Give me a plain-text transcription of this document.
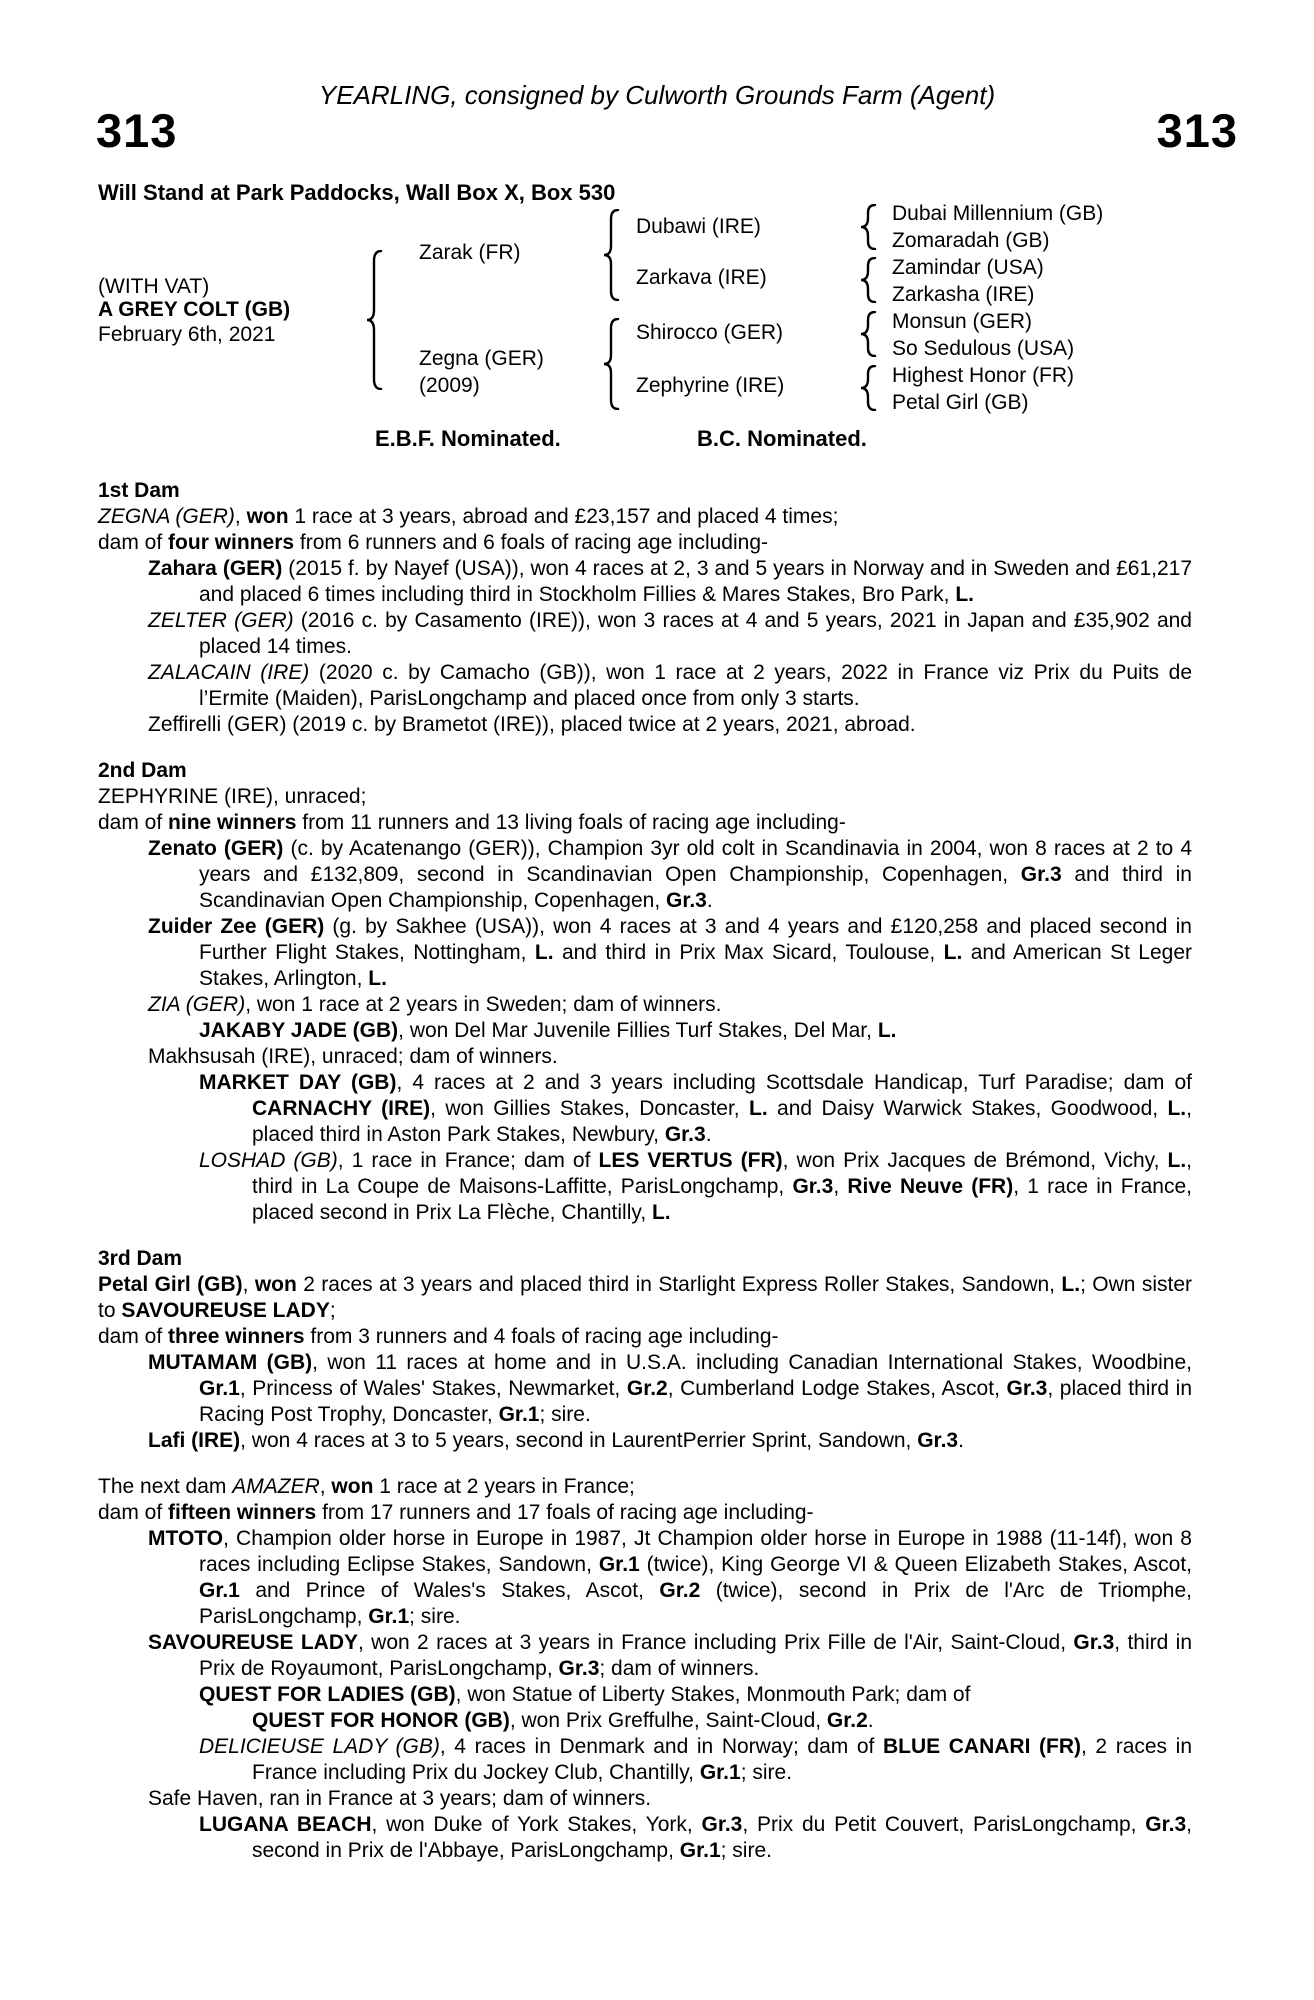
YEARLING, consigned by Culworth Grounds Farm (Agent)
313	313
Will Stand at Park Paddocks, Wall Box X, Box 530
(WITH VAT)
A GREY COLT (GB)
February 6th, 2021
Zarak (FR)
Zegna (GER)
(2009)
Dubawi (IRE)
Zarkava (IRE)
Shirocco (GER)
Zephyrine (IRE)
Dubai Millennium (GB)
Zomaradah (GB)
Zamindar (USA)
Zarkasha (IRE)
Monsun (GER)
So Sedulous (USA)
Highest Honor (FR)
Petal Girl (GB)
E.B.F. Nominated.	B.C. Nominated.

1st Dam

ZEGNA (GER), won 1 race at 3 years, abroad and £23,157 and placed 4 times;

dam of four winners from 6 runners and 6 foals of racing age including-

Zahara (GER) (2015 f. by Nayef (USA)), won 4 races at 2, 3 and 5 years in Norway and in Sweden and £61,217 and placed 6 times including third in Stockholm Fillies & Mares Stakes, Bro Park, L.

ZELTER (GER) (2016 c. by Casamento (IRE)), won 3 races at 4 and 5 years, 2021 in Japan and £35,902 and placed 14 times.

ZALACAIN (IRE) (2020 c. by Camacho (GB)), won 1 race at 2 years, 2022 in France viz Prix du Puits de l’Ermite (Maiden), ParisLongchamp and placed once from only 3 starts.

Zeffirelli (GER) (2019 c. by Brametot (IRE)), placed twice at 2 years, 2021, abroad.

2nd Dam

ZEPHYRINE (IRE), unraced;

dam of nine winners from 11 runners and 13 living foals of racing age including-

Zenato (GER) (c. by Acatenango (GER)), Champion 3yr old colt in Scandinavia in 2004, won 8 races at 2 to 4 years and £132,809, second in Scandinavian Open Championship, Copenhagen, Gr.3 and third in Scandinavian Open Championship, Copenhagen, Gr.3.

Zuider Zee (GER) (g. by Sakhee (USA)), won 4 races at 3 and 4 years and £120,258 and placed second in Further Flight Stakes, Nottingham, L. and third in Prix Max Sicard, Toulouse, L. and American St Leger Stakes, Arlington, L.

ZIA (GER), won 1 race at 2 years in Sweden; dam of winners.

JAKABY JADE (GB), won Del Mar Juvenile Fillies Turf Stakes, Del Mar, L.

Makhsusah (IRE), unraced; dam of winners.

MARKET DAY (GB), 4 races at 2 and 3 years including Scottsdale Handicap, Turf Paradise; dam of CARNACHY (IRE), won Gillies Stakes, Doncaster, L. and Daisy Warwick Stakes, Goodwood, L., placed third in Aston Park Stakes, Newbury, Gr.3.

LOSHAD (GB), 1 race in France; dam of LES VERTUS (FR), won Prix Jacques de Brémond, Vichy, L., third in La Coupe de Maisons-Laffitte, ParisLongchamp, Gr.3, Rive Neuve (FR), 1 race in France, placed second in Prix La Flèche, Chantilly, L.

3rd Dam

Petal Girl (GB), won 2 races at 3 years and placed third in Starlight Express Roller Stakes, Sandown, L.; Own sister to SAVOUREUSE LADY;

dam of three winners from 3 runners and 4 foals of racing age including-

MUTAMAM (GB), won 11 races at home and in U.S.A. including Canadian International Stakes, Woodbine, Gr.1, Princess of Wales' Stakes, Newmarket, Gr.2, Cumberland Lodge Stakes, Ascot, Gr.3, placed third in Racing Post Trophy, Doncaster, Gr.1; sire.

Lafi (IRE), won 4 races at 3 to 5 years, second in LaurentPerrier Sprint, Sandown, Gr.3.

The next dam AMAZER, won 1 race at 2 years in France;

dam of fifteen winners from 17 runners and 17 foals of racing age including-

MTOTO, Champion older horse in Europe in 1987, Jt Champion older horse in Europe in 1988 (11-14f), won 8 races including Eclipse Stakes, Sandown, Gr.1 (twice), King George VI & Queen Elizabeth Stakes, Ascot, Gr.1 and Prince of Wales's Stakes, Ascot, Gr.2 (twice), second in Prix de l'Arc de Triomphe, ParisLongchamp, Gr.1; sire.

SAVOUREUSE LADY, won 2 races at 3 years in France including Prix Fille de l'Air, Saint-Cloud, Gr.3, third in Prix de Royaumont, ParisLongchamp, Gr.3; dam of winners.

QUEST FOR LADIES (GB), won Statue of Liberty Stakes, Monmouth Park; dam of

QUEST FOR HONOR (GB), won Prix Greffulhe, Saint-Cloud, Gr.2.

DELICIEUSE LADY (GB), 4 races in Denmark and in Norway; dam of BLUE CANARI (FR), 2 races in France including Prix du Jockey Club, Chantilly, Gr.1; sire.

Safe Haven, ran in France at 3 years; dam of winners.

LUGANA BEACH, won Duke of York Stakes, York, Gr.3, Prix du Petit Couvert, ParisLongchamp, Gr.3, second in Prix de l'Abbaye, ParisLongchamp, Gr.1; sire.
